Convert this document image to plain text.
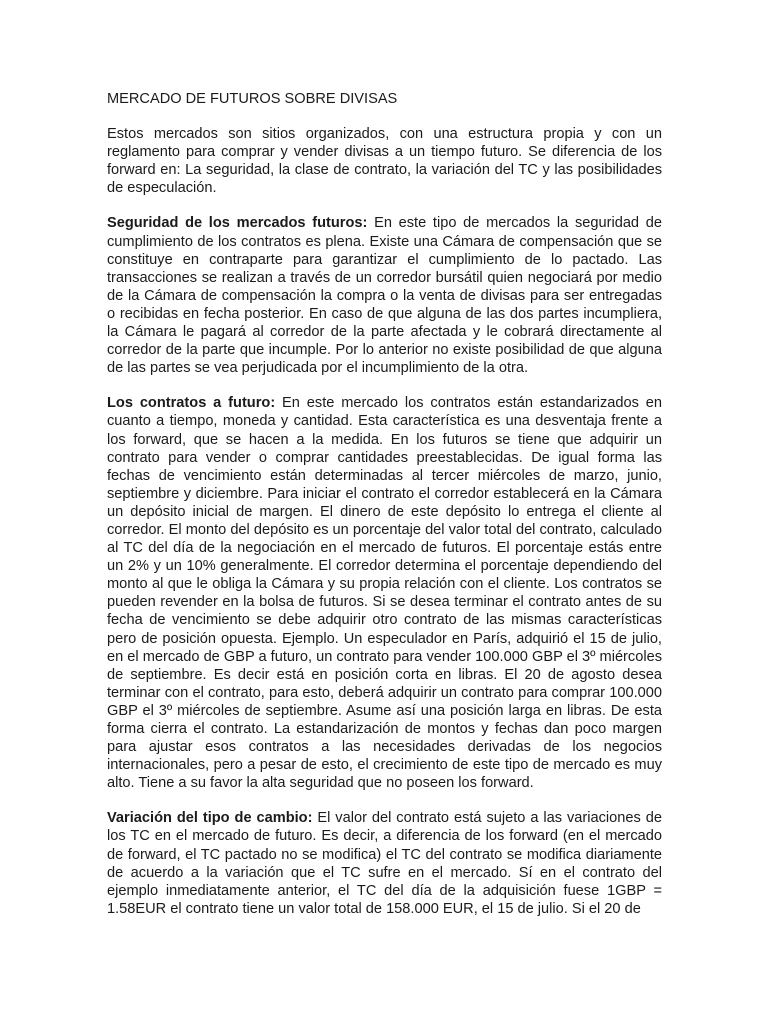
MERCADO DE FUTUROS SOBRE DIVISAS

Estos mercados son sitios organizados, con una estructura propia y con un reglamento para comprar y vender divisas a un tiempo futuro. Se diferencia de los forward en: La seguridad, la clase de contrato, la variación del TC y las posibilidades de especulación.

Seguridad de los mercados futuros: En este tipo de mercados la seguridad de cumplimiento de los contratos es plena. Existe una Cámara de compensación que se constituye en contraparte para garantizar el cumplimiento de lo pactado. Las transacciones se realizan a través de un corredor bursátil quien negociará por medio de la Cámara de compensación la compra o la venta de divisas para ser entregadas o recibidas en fecha posterior. En caso de que alguna de las dos partes incumpliera, la Cámara le pagará al corredor de la parte afectada y le cobrará directamente al corredor de la parte que incumple. Por lo anterior no existe posibilidad de que alguna de las partes se vea perjudicada por el incumplimiento de la otra.

Los contratos a futuro: En este mercado los contratos están estandarizados en cuanto a tiempo, moneda y cantidad. Esta característica es una desventaja frente a los forward, que se hacen a la medida. En los futuros se tiene que adquirir un contrato para vender o comprar cantidades preestablecidas. De igual forma las fechas de vencimiento están determinadas al tercer miércoles de marzo, junio, septiembre y diciembre. Para iniciar el contrato el corredor establecerá en la Cámara un depósito inicial de margen. El dinero de este depósito lo entrega el cliente al corredor. El monto del depósito es un porcentaje del valor total del contrato, calculado al TC del día de la negociación en el mercado de futuros. El porcentaje estás entre un 2% y un 10% generalmente. El corredor determina el porcentaje dependiendo del monto al que le obliga la Cámara y su propia relación con el cliente. Los contratos se pueden revender en la bolsa de futuros. Si se desea terminar el contrato antes de su fecha de vencimiento se debe adquirir otro contrato de las mismas características pero de posición opuesta. Ejemplo. Un especulador en París, adquirió el 15 de julio, en el mercado de GBP a futuro, un contrato para vender 100.000 GBP el 3º miércoles de septiembre. Es decir está en posición corta en libras. El 20 de agosto desea terminar con el contrato, para esto, deberá adquirir un contrato para comprar 100.000 GBP el 3º miércoles de septiembre. Asume así una posición larga en libras. De esta forma cierra el contrato. La estandarización de montos y fechas dan poco margen para ajustar esos contratos a las necesidades derivadas de los negocios internacionales, pero a pesar de esto, el crecimiento de este tipo de mercado es muy alto. Tiene a su favor la alta seguridad que no poseen los forward.

Variación del tipo de cambio: El valor del contrato está sujeto a las variaciones de los TC en el mercado de futuro. Es decir, a diferencia de los forward (en el mercado de forward, el TC pactado no se modifica) el TC del contrato se modifica diariamente de acuerdo a la variación que el TC sufre en el mercado. Sí en el contrato del ejemplo inmediatamente anterior, el TC del día de la adquisición fuese 1GBP = 1.58EUR el contrato tiene un valor total de 158.000 EUR, el 15 de julio. Si el 20 de
